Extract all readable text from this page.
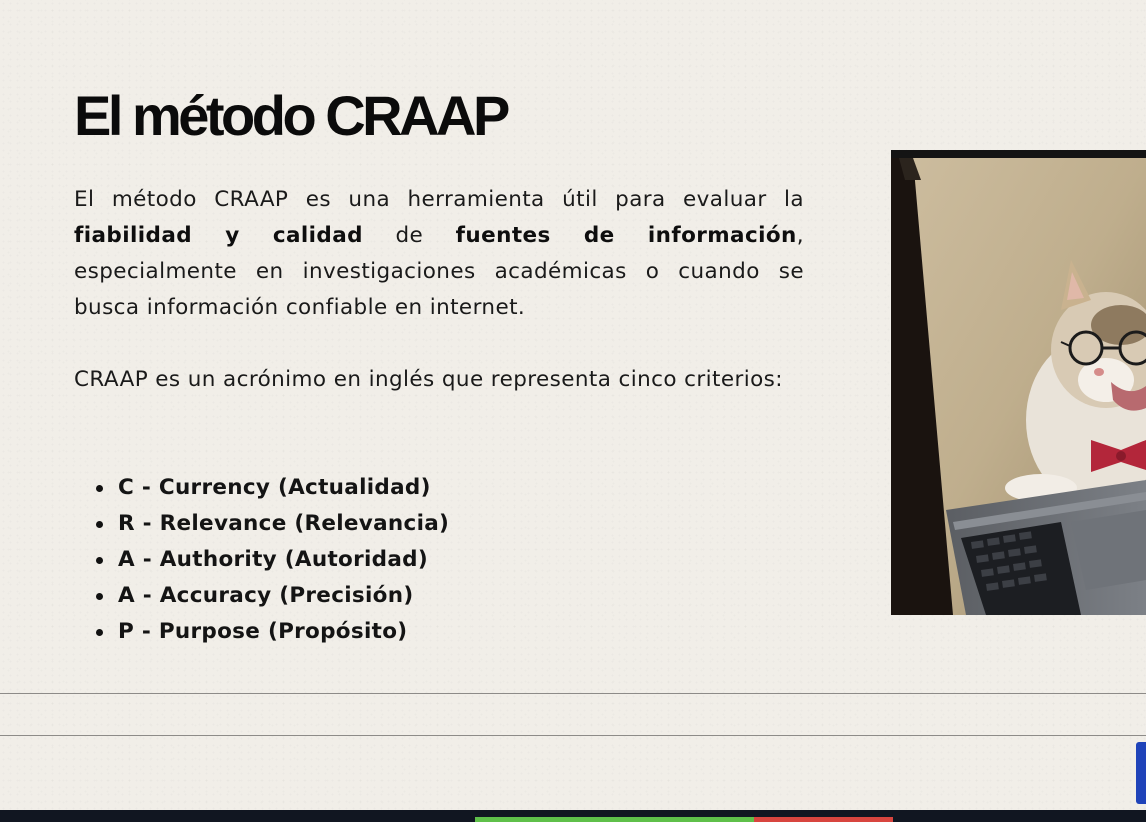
El método CRAAP

El método CRAAP es una herramienta útil para evaluar la fiabilidad y calidad de fuentes de información, especialmente en investigaciones académicas o cuando se busca información confiable en internet.

CRAAP es un acrónimo en inglés que representa cinco criterios:

C - Currency (Actualidad)
R - Relevance (Relevancia)
A - Authority (Autoridad)
A - Accuracy (Precisión)
P - Purpose (Propósito)
